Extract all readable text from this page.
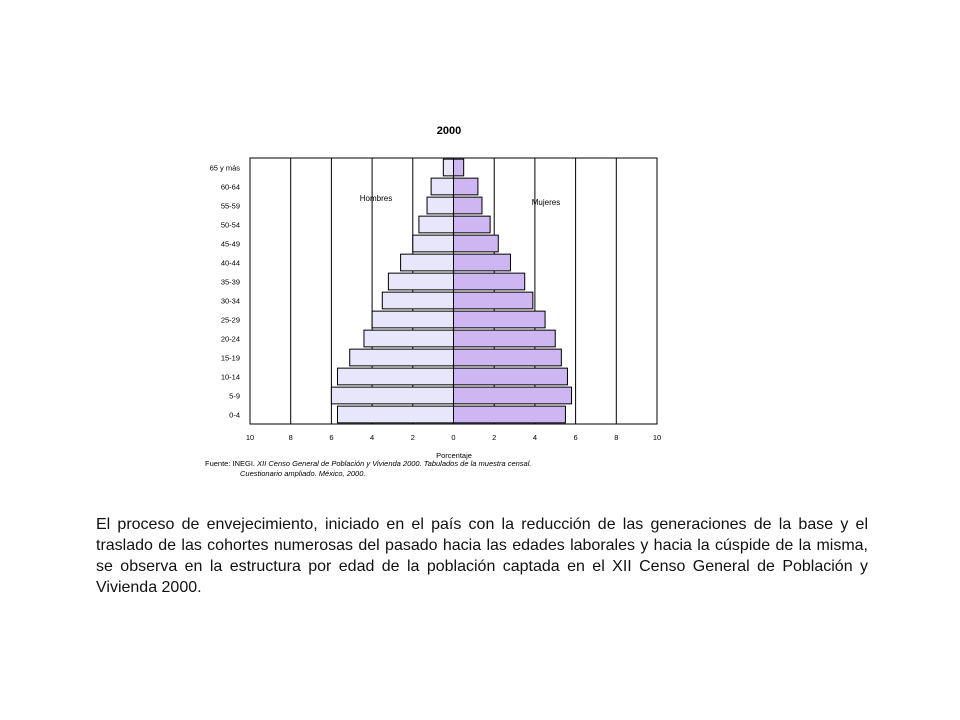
2000
65 y más
60-64
55-59
50-54
45-49
40-44
35-39
30-34
25-29
20-24
15-19
10-14
5-9
0-4
10	8	6	4	2	0	2	4	6	8	10
Hombres	Mujeres
Porcentaje
Fuente: INEGI. XII Censo General de Población y Vivienda 2000. Tabulados de la muestra censal.
Cuestionario ampliado. México, 2000.

El proceso de envejecimiento, iniciado en el país con la reducción de las generaciones de la base y el traslado de las cohortes numerosas del pasado hacia las edades laborales y hacia la cúspide de la misma, se observa en la estructura por edad de la población captada en el XII Censo General de Población y Vivienda 2000.
